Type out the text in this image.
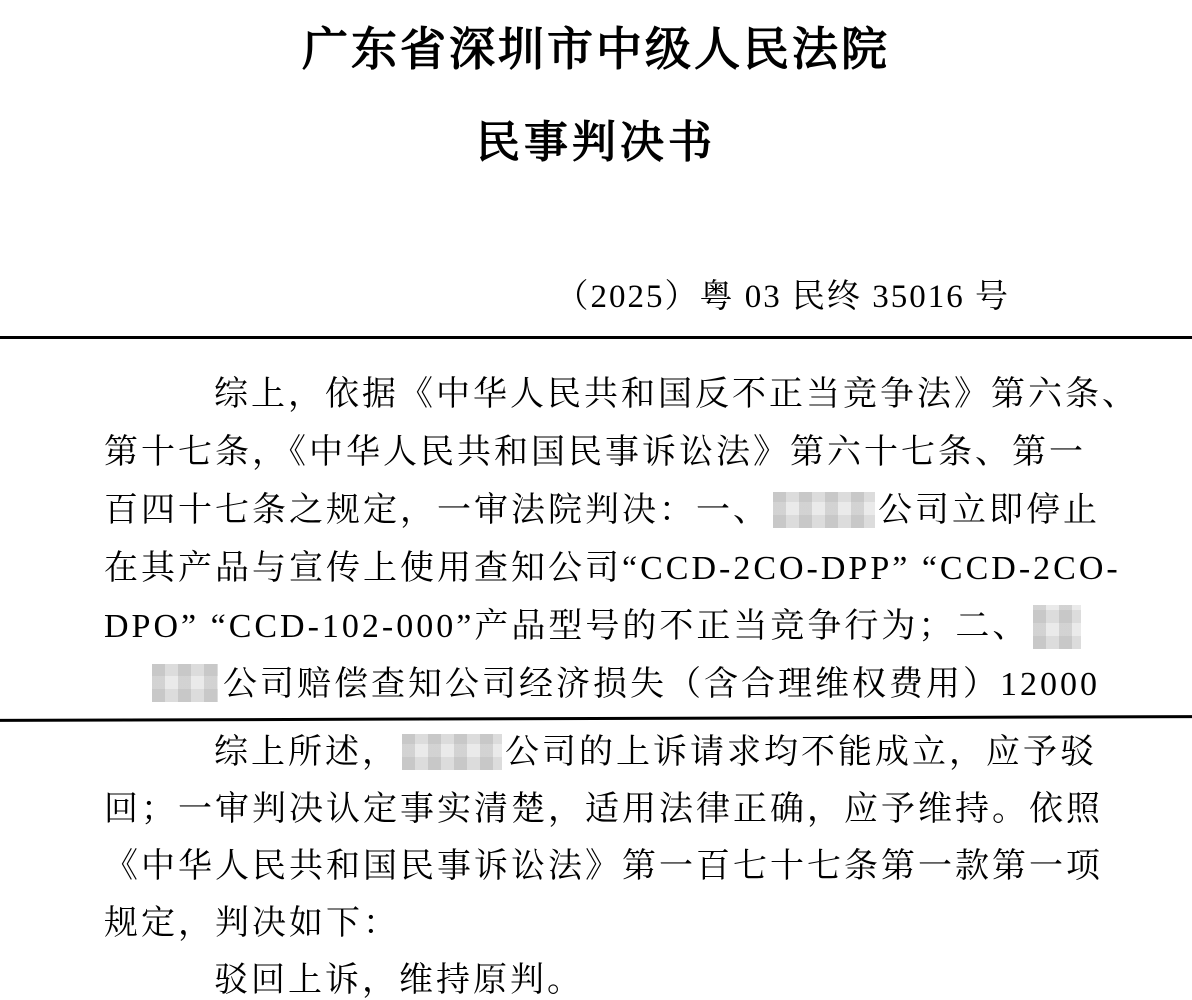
广东省深圳市中级人民法院
民事判决书
（2025）粤 03 民终 35016 号
综上，依据《中华人民共和国反不正当竞争法》第六条、
第十七条，《中华人民共和国民事诉讼法》第六十七条、第一
百四十七条之规定，一审法院判决：一、	公司立即停止
在其产品与宣传上使用查知公司“CCD-2CO-DPP” “CCD-2CO-
DPO” “CCD-102-000”产品型号的不正当竞争行为；二、
公司赔偿查知公司经济损失（含合理维权费用）12000
综上所述，	公司的上诉请求均不能成立，应予驳
回；一审判决认定事实清楚，适用法律正确，应予维持。依照
《中华人民共和国民事诉讼法》第一百七十七条第一款第一项
规定，判决如下：
驳回上诉，维持原判。
